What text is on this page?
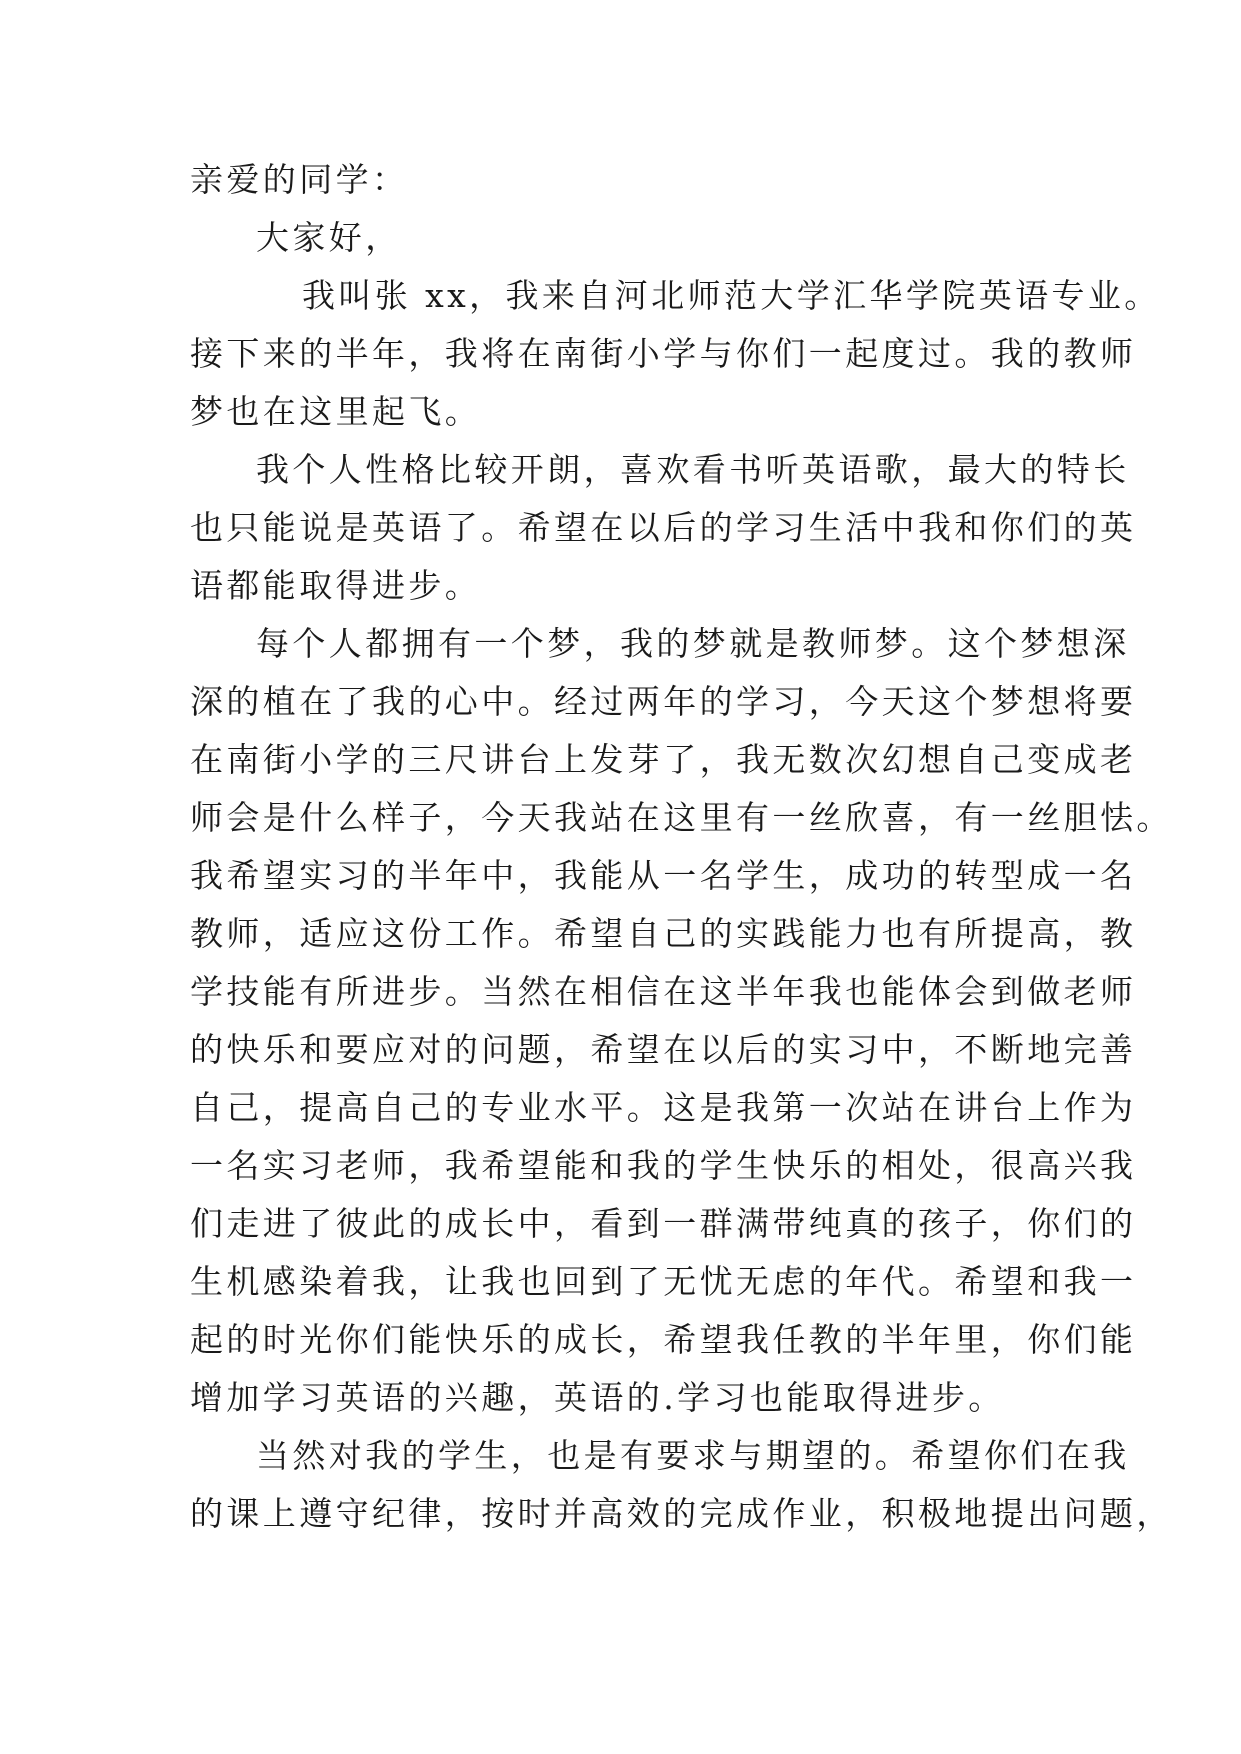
亲爱的同学：

大家好，

我叫张 xx，我来自河北师范大学汇华学院英语专业。

接下来的半年，我将在南街小学与你们一起度过。我的教师

梦也在这里起飞。

我个人性格比较开朗，喜欢看书听英语歌，最大的特长

也只能说是英语了。希望在以后的学习生活中我和你们的英

语都能取得进步。

每个人都拥有一个梦，我的梦就是教师梦。这个梦想深

深的植在了我的心中。经过两年的学习，今天这个梦想将要

在南街小学的三尺讲台上发芽了，我无数次幻想自己变成老

师会是什么样子，今天我站在这里有一丝欣喜，有一丝胆怯。

我希望实习的半年中，我能从一名学生，成功的转型成一名

教师，适应这份工作。希望自己的实践能力也有所提高，教

学技能有所进步。当然在相信在这半年我也能体会到做老师

的快乐和要应对的问题，希望在以后的实习中，不断地完善

自己，提高自己的专业水平。这是我第一次站在讲台上作为

一名实习老师，我希望能和我的学生快乐的相处，很高兴我

们走进了彼此的成长中，看到一群满带纯真的孩子，你们的

生机感染着我，让我也回到了无忧无虑的年代。希望和我一

起的时光你们能快乐的成长，希望我任教的半年里，你们能

增加学习英语的兴趣，英语的.学习也能取得进步。

当然对我的学生，也是有要求与期望的。希望你们在我

的课上遵守纪律，按时并高效的完成作业，积极地提出问题，
